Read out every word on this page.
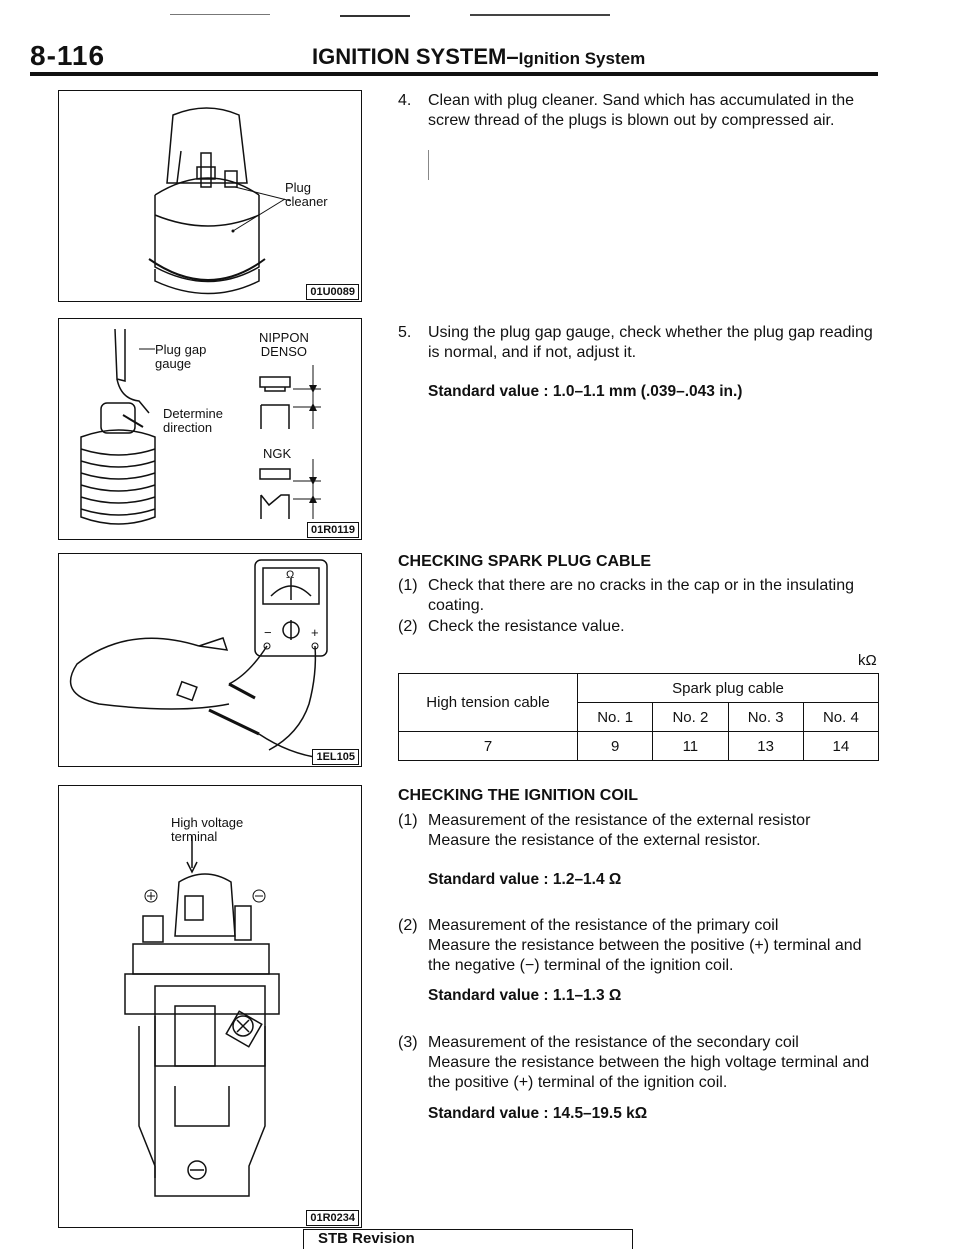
8-116	IGNITION SYSTEM–Ignition System
Plug
cleaner
01U0089
Plug gap
gauge
Determine
direction
NIPPON
DENSO
NGK
01R0119
Ω
−	+
1EL105
High voltage
terminal
01R0234
4. Clean with plug cleaner. Sand which has accumulated in the screw thread of the plugs is blown out by compressed air.
5. Using the plug gap gauge, check whether the plug gap reading is normal, and if not, adjust it.
Standard value : 1.0–1.1 mm (.039–.043 in.)
CHECKING SPARK PLUG CABLE
(1) Check that there are no cracks in the cap or in the insulating coating.
(2) Check the resistance value.
kΩ
High tension cable	Spark plug cable			
	No. 1	No. 2	No. 3	No. 4
7	9	11	13	14
CHECKING THE IGNITION COIL
(1) Measurement of the resistance of the external resistor
Measure the resistance of the external resistor.
Standard value : 1.2–1.4 Ω
(2) Measurement of the resistance of the primary coil
Measure the resistance between the positive (+) terminal and the negative (−) terminal of the ignition coil.
Standard value : 1.1–1.3 Ω
(3) Measurement of the resistance of the secondary coil
Measure the resistance between the high voltage terminal and the positive (+) terminal of the ignition coil.
Standard value : 14.5–19.5 kΩ
STB Revision
